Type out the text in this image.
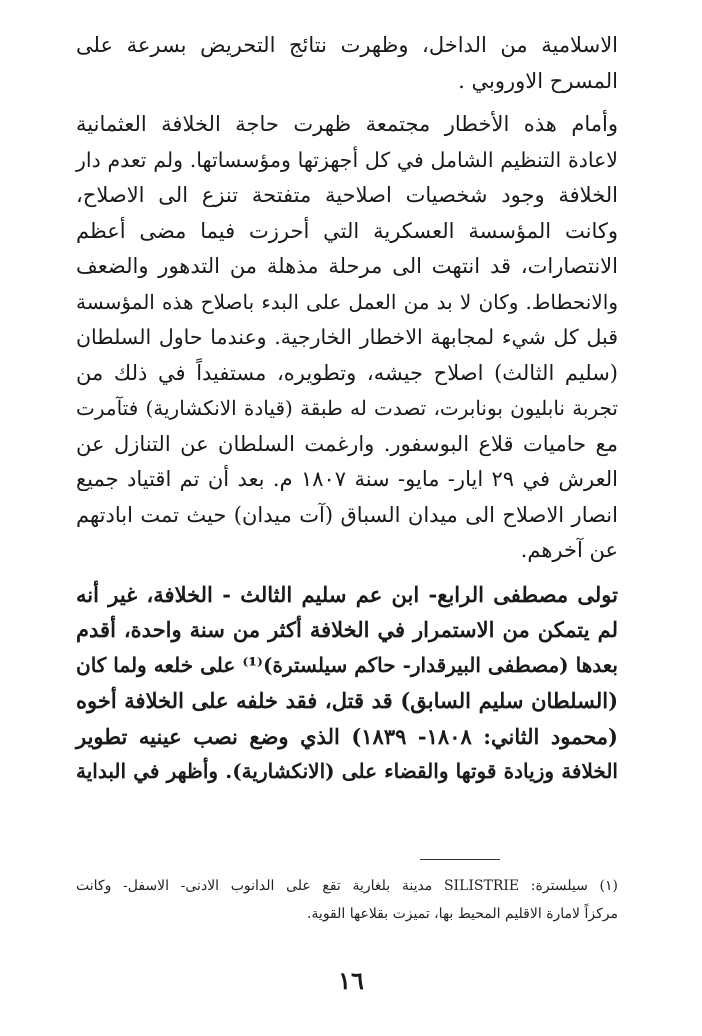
الاسلامية من الداخل، وظهرت نتائج التحريض بسرعة على
المسرح الاوروبي .

وأمام هذه الأخطار مجتمعة ظهرت حاجة الخلافة العثمانية
لاعادة التنظيم الشامل في كل أجهزتها ومؤسساتها. ولم تعدم دار
الخلافة وجود شخصيات اصلاحية متفتحة تنزع الى الاصلاح،
وكانت المؤسسة العسكرية التي أحرزت فيما مضى أعظم
الانتصارات، قد انتهت الى مرحلة مذهلة من التدهور والضعف
والانحطاط. وكان لا بد من العمل على البدء باصلاح هذه المؤسسة
قبل كل شيء لمجابهة الاخطار الخارجية. وعندما حاول السلطان
(سليم الثالث) اصلاح جيشه، وتطويره، مستفيداً في ذلك من
تجربة نابليون بونابرت، تصدت له طبقة (قيادة الانكشارية) فتآمرت
مع حاميات قلاع البوسفور. وارغمت السلطان عن التنازل عن
العرش في ٢٩ ايار- مايو- سنة ١٨٠٧ م. بعد أن تم اقتياد جميع
انصار الاصلاح الى ميدان السباق (آت ميدان) حيث تمت ابادتهم
عن آخرهم.

تولى مصطفى الرابع- ابن عم سليم الثالث - الخلافة، غير أنه
لم يتمكن من الاستمرار في الخلافة أكثر من سنة واحدة، أقدم
بعدها (مصطفى البيرقدار- حاكم سيلسترة)⁽¹⁾ على خلعه ولما كان
(السلطان سليم السابق) قد قتل، فقد خلفه على الخلافة أخوه
(محمود الثاني: ١٨٠٨- ١٨٣٩) الذي وضع نصب عينيه تطوير
الخلافة وزيادة قوتها والقضاء على (الانكشارية). وأظهر في البداية

(١) سيلسترة: SILISTRIE مدينة بلغارية تقع على الدانوب الادنى- الاسفل- وكانت
مركزاً لامارة الاقليم المحيط بها، تميزت بقلاعها القوية.
١٦
